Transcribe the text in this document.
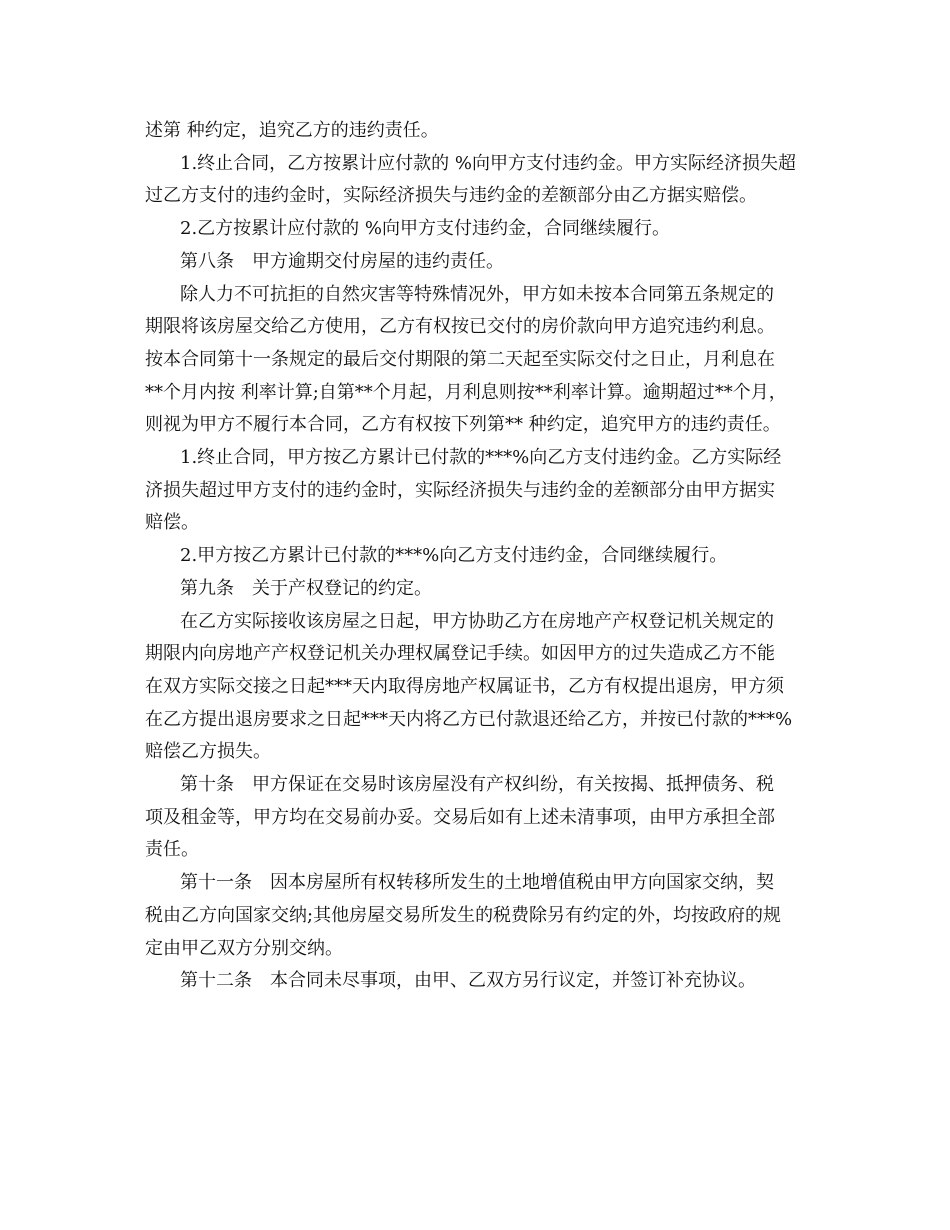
述第 种约定，追究乙方的违约责任。

1.终止合同，乙方按累计应付款的 %向甲方支付违约金。甲方实际经济损失超
过乙方支付的违约金时，实际经济损失与违约金的差额部分由乙方据实赔偿。

2.乙方按累计应付款的 %向甲方支付违约金，合同继续履行。

第八条　甲方逾期交付房屋的违约责任。

除人力不可抗拒的自然灾害等特殊情况外，甲方如未按本合同第五条规定的
期限将该房屋交给乙方使用，乙方有权按已交付的房价款向甲方追究违约利息。
按本合同第十一条规定的最后交付期限的第二天起至实际交付之日止，月利息在
**个月内按 利率计算;自第**个月起，月利息则按**利率计算。逾期超过**个月，
则视为甲方不履行本合同，乙方有权按下列第** 种约定，追究甲方的违约责任。

1.终止合同，甲方按乙方累计已付款的***%向乙方支付违约金。乙方实际经
济损失超过甲方支付的违约金时，实际经济损失与违约金的差额部分由甲方据实
赔偿。

2.甲方按乙方累计已付款的***%向乙方支付违约金，合同继续履行。

第九条　关于产权登记的约定。

在乙方实际接收该房屋之日起，甲方协助乙方在房地产产权登记机关规定的
期限内向房地产产权登记机关办理权属登记手续。如因甲方的过失造成乙方不能
在双方实际交接之日起***天内取得房地产权属证书，乙方有权提出退房，甲方须
在乙方提出退房要求之日起***天内将乙方已付款退还给乙方，并按已付款的***%
赔偿乙方损失。

第十条　甲方保证在交易时该房屋没有产权纠纷，有关按揭、抵押债务、税
项及租金等，甲方均在交易前办妥。交易后如有上述未清事项，由甲方承担全部
责任。

第十一条　因本房屋所有权转移所发生的土地增值税由甲方向国家交纳，契
税由乙方向国家交纳;其他房屋交易所发生的税费除另有约定的外，均按政府的规
定由甲乙双方分别交纳。

第十二条　本合同未尽事项，由甲、乙双方另行议定，并签订补充协议。
